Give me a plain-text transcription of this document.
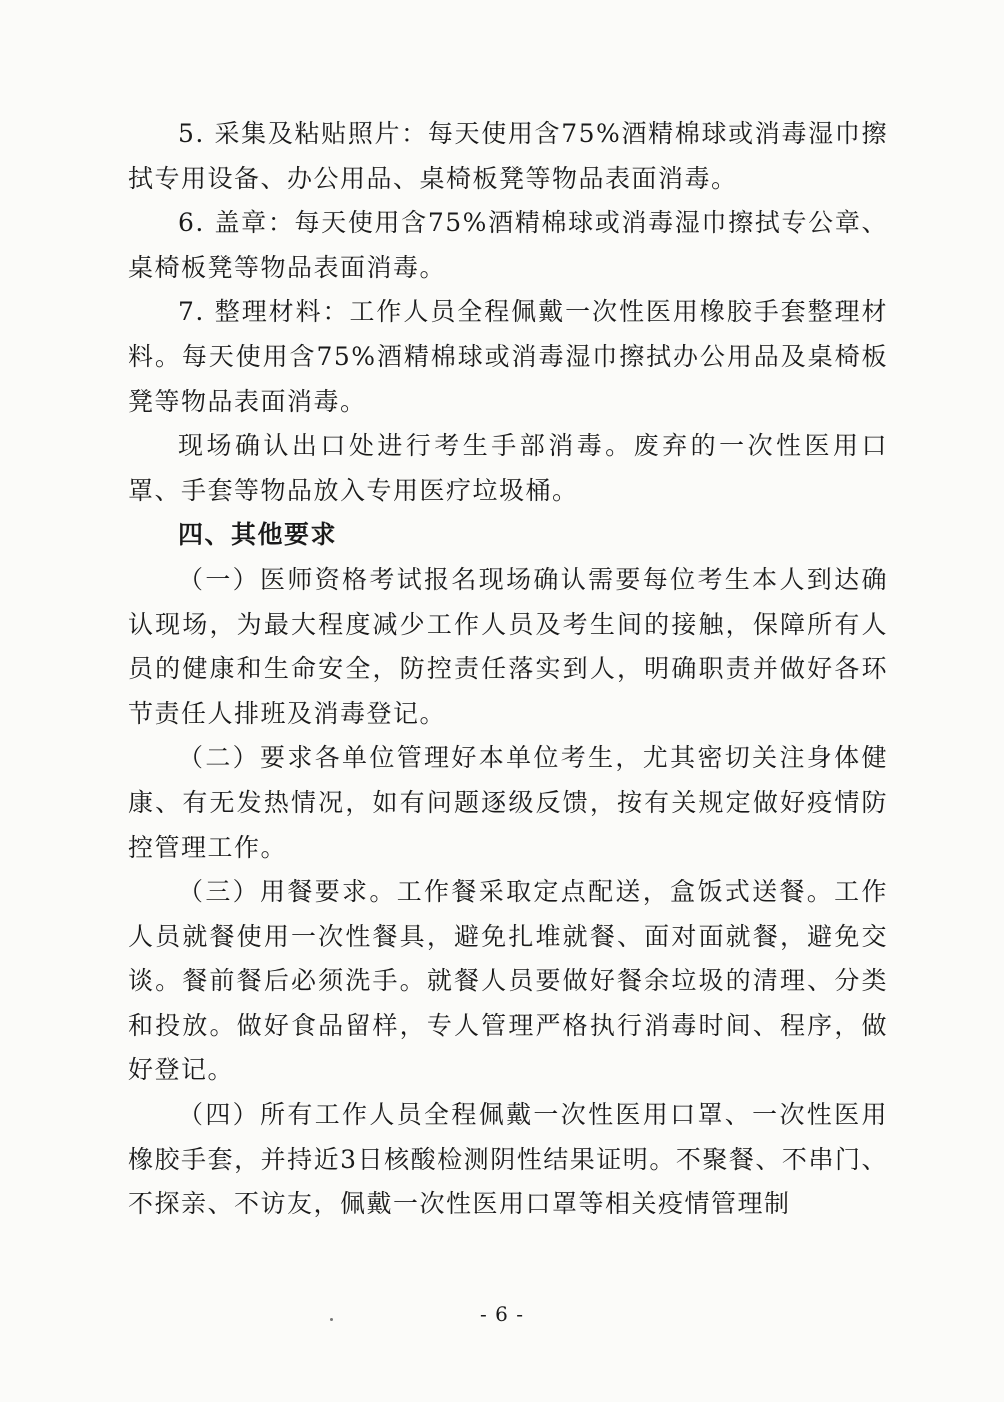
5. 采集及粘贴照片：每天使用含75%酒精棉球或消毒湿巾擦拭专用设备、办公用品、桌椅板凳等物品表面消毒。

6. 盖章：每天使用含75%酒精棉球或消毒湿巾擦拭专公章、桌椅板凳等物品表面消毒。

7. 整理材料：工作人员全程佩戴一次性医用橡胶手套整理材料。每天使用含75%酒精棉球或消毒湿巾擦拭办公用品及桌椅板凳等物品表面消毒。

现场确认出口处进行考生手部消毒。废弃的一次性医用口罩、手套等物品放入专用医疗垃圾桶。

四、其他要求

（一）医师资格考试报名现场确认需要每位考生本人到达确认现场，为最大程度减少工作人员及考生间的接触，保障所有人员的健康和生命安全，防控责任落实到人，明确职责并做好各环节责任人排班及消毒登记。

（二）要求各单位管理好本单位考生，尤其密切关注身体健康、有无发热情况，如有问题逐级反馈，按有关规定做好疫情防控管理工作。

（三）用餐要求。工作餐采取定点配送，盒饭式送餐。工作人员就餐使用一次性餐具，避免扎堆就餐、面对面就餐，避免交谈。餐前餐后必须洗手。就餐人员要做好餐余垃圾的清理、分类和投放。做好食品留样，专人管理严格执行消毒时间、程序，做好登记。

（四）所有工作人员全程佩戴一次性医用口罩、一次性医用橡胶手套，并持近3日核酸检测阴性结果证明。不聚餐、不串门、不探亲、不访友，佩戴一次性医用口罩等相关疫情管理制

- 6 -
